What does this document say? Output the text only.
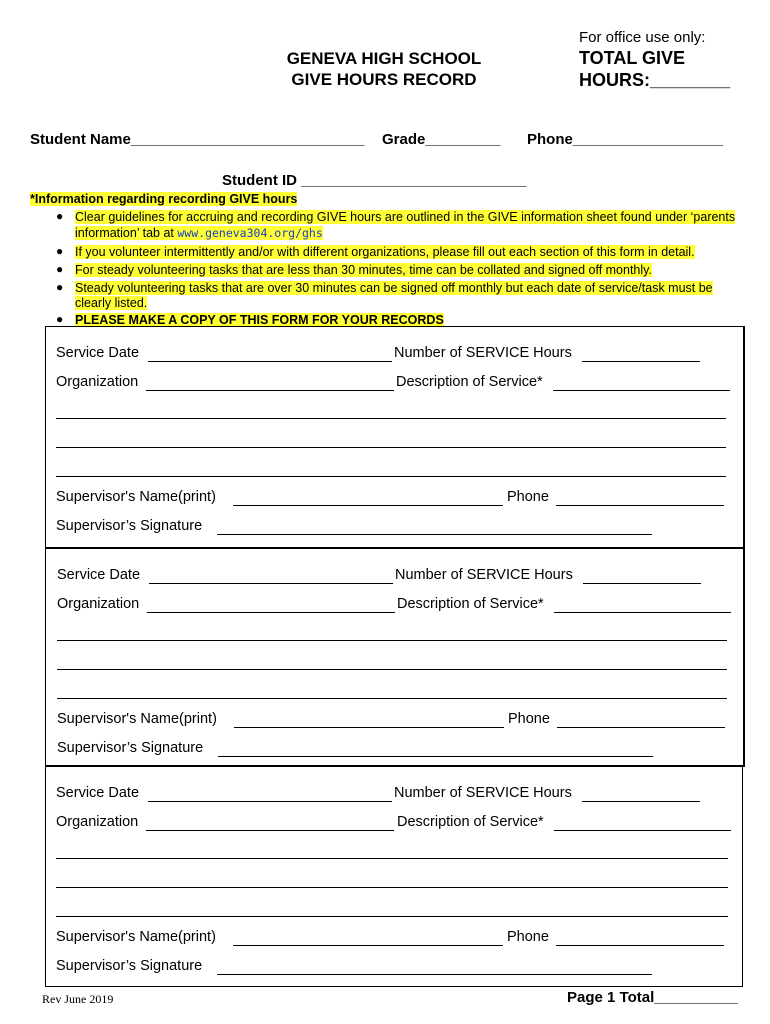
GENEVA HIGH SCHOOL
GIVE HOURS RECORD
For office use only:
TOTAL GIVE
HOURS:________
Student Name____________________________ Grade_________ Phone__________________
Student ID ___________________________
*Information regarding recording GIVE hours
● Clear guidelines for accruing and recording GIVE hours are outlined in the GIVE information sheet found under ‘parents
information’ tab at www.geneva304.org/ghs
● If you volunteer intermittently and/or with different organizations, please fill out each section of this form in detail.
● For steady volunteering tasks that are less than 30 minutes, time can be collated and signed off monthly.
● Steady volunteering tasks that are over 30 minutes can be signed off monthly but each date of service/task must be
clearly listed.
● PLEASE MAKE A COPY OF THIS FORM FOR YOUR RECORDS
Service Date	Number of SERVICE Hours
Organization	Description of Service*
Supervisor's Name(print)	Phone
Supervisor’s Signature
Service Date	Number of SERVICE Hours
Organization	Description of Service*
Supervisor's Name(print)	Phone
Supervisor’s Signature
Service Date	Number of SERVICE Hours
Organization	Description of Service*
Supervisor's Name(print)	Phone
Supervisor’s Signature
Rev June 2019	Page 1 Total__________
